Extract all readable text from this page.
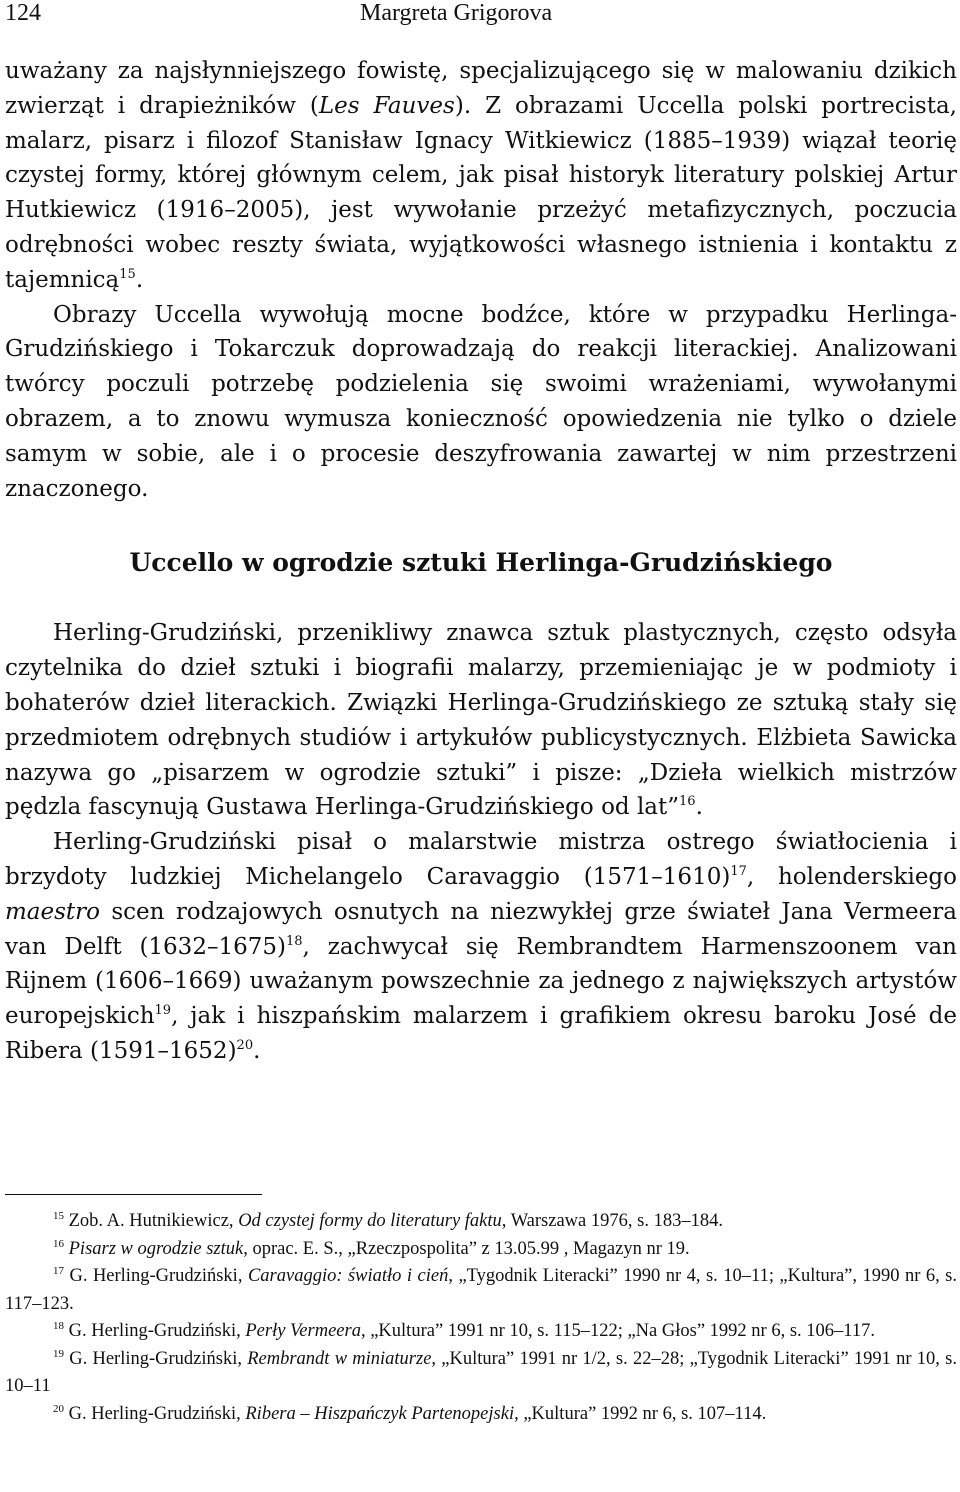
124	Margreta Grigorova

uważany za najsłynniejszego fowistę, specjalizującego się w malowaniu dzikich zwierząt i drapieżników (Les Fauves). Z obrazami Uccella polski portrecista, malarz, pisarz i filozof Stanisław Ignacy Witkiewicz (1885–1939) wiązał teorię czystej formy, której głównym celem, jak pisał historyk literatury polskiej Artur Hutkiewicz (1916–2005), jest wywołanie przeżyć metafizycznych, poczucia odrębności wobec reszty świata, wyjątkowości własnego istnienia i kontaktu z tajemnicą$^{15}$.

Obrazy Uccella wywołują mocne bodźce, które w przypadku Herlinga-Grudzińskiego i Tokarczuk doprowadzają do reakcji literackiej. Analizowani twórcy poczuli potrzebę podzielenia się swoimi wrażeniami, wywołanymi obrazem, a to znowu wymusza konieczność opowiedzenia nie tylko o dziele samym w sobie, ale i o procesie deszyfrowania zawartej w nim przestrzeni znaczonego.

Uccello w ogrodzie sztuki Herlinga-Grudzińskiego

Herling-Grudziński, przenikliwy znawca sztuk plastycznych, często odsyła czytelnika do dzieł sztuki i biografii malarzy, przemieniając je w podmioty i bohaterów dzieł literackich. Związki Herlinga-Grudzińskiego ze sztuką stały się przedmiotem odrębnych studiów i artykułów publicystycznych. Elżbieta Sawicka nazywa go „pisarzem w ogrodzie sztuki” i pisze: „Dzieła wielkich mistrzów pędzla fascynują Gustawa Herlinga-Grudzińskiego od lat”$^{16}$.

Herling-Grudziński pisał o malarstwie mistrza ostrego światłocienia i brzydoty ludzkiej Michelangelo Caravaggio (1571–1610)$^{17}$, holenderskiego maestro scen rodzajowych osnutych na niezwykłej grze świateł Jana Vermeera van Delft (1632–1675)$^{18}$, zachwycał się Rembrandtem Harmenszoonem van Rijnem (1606–1669) uważanym powszechnie za jednego z największych artystów europejskich$^{19}$, jak i hiszpańskim malarzem i grafikiem okresu baroku José de Ribera (1591–1652)$^{20}$.

$^{15}$ Zob. A. Hutnikiewicz, Od czystej formy do literatury faktu, Warszawa 1976, s. 183–184.

$^{16}$ Pisarz w ogrodzie sztuk, oprac. E. S., „Rzeczpospolita” z 13.05.99 , Magazyn nr 19.

$^{17}$ G. Herling-Grudziński, Caravaggio: światło i cień, „Tygodnik Literacki” 1990 nr 4, s. 10–11; „Kultura”, 1990 nr 6, s. 117–123.

$^{18}$ G. Herling-Grudziński, Perły Vermeera, „Kultura” 1991 nr 10, s. 115–122; „Na Głos” 1992 nr 6, s. 106–117.

$^{19}$ G. Herling-Grudziński, Rembrandt w miniaturze, „Kultura” 1991 nr 1/2, s. 22–28; „Tygodnik Literacki” 1991 nr 10, s. 10–11

$^{20}$ G. Herling-Grudziński, Ribera – Hiszpańczyk Partenopejski, „Kultura” 1992 nr 6, s. 107–114.
